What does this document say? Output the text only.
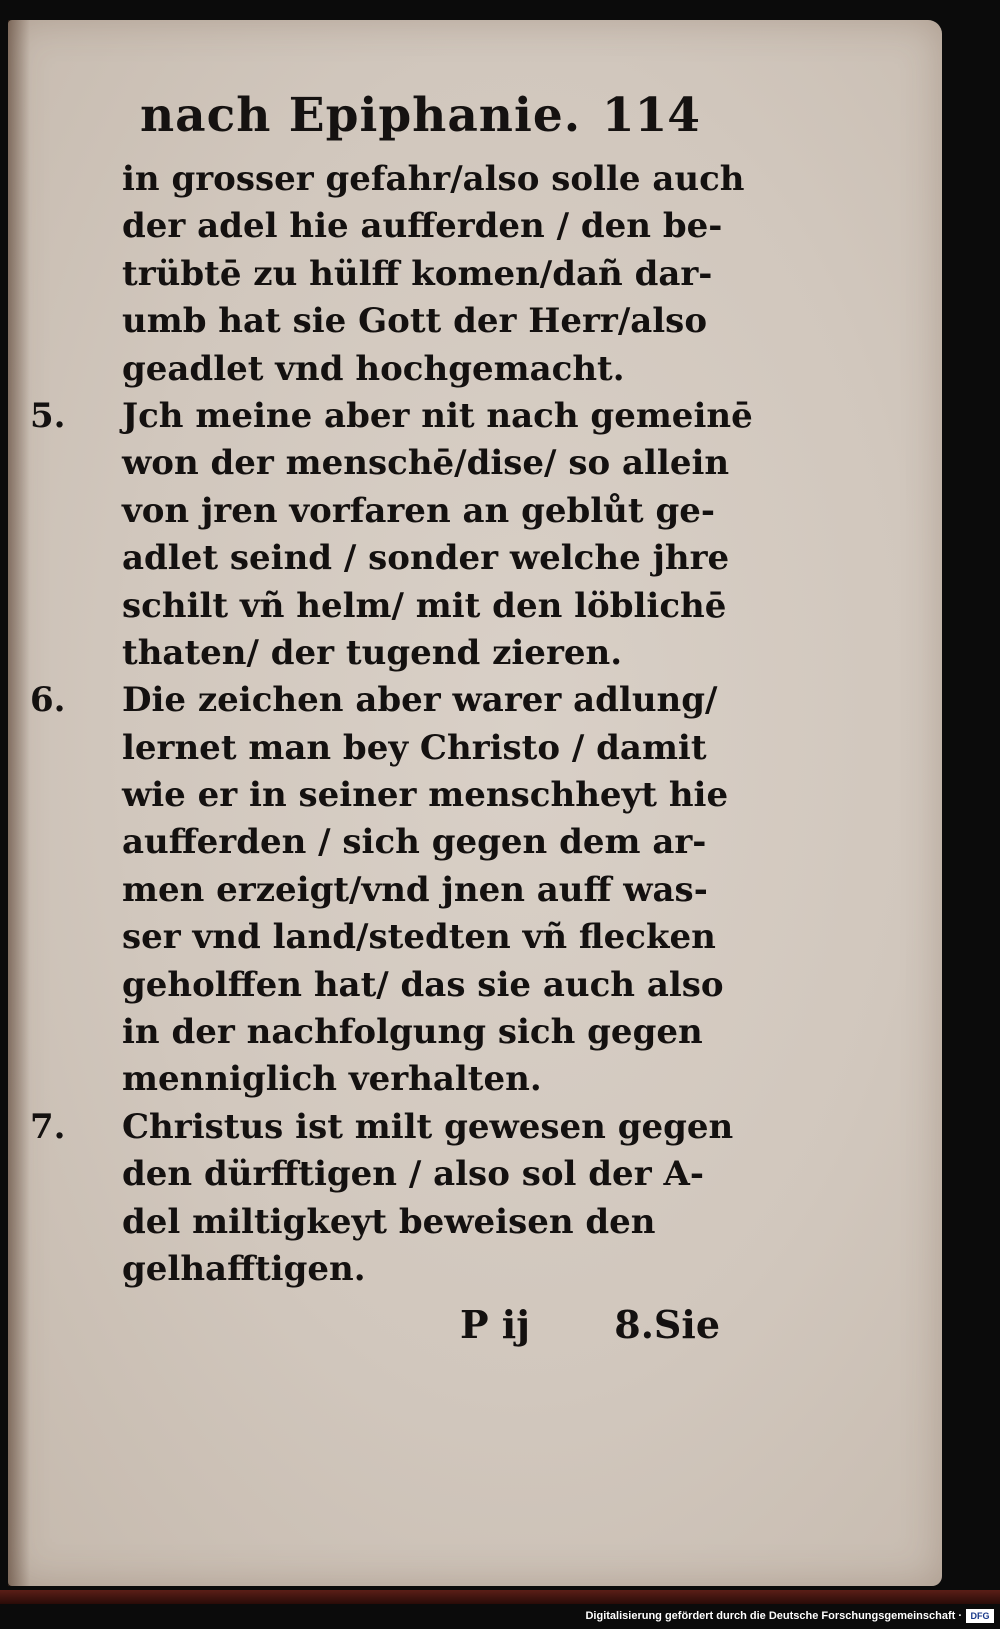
nach Epiphanie. 114
in grosser gefahr/also solle auch
der adel hie aufferden / den be-
trübtē zu hülff komen/dañ dar-
umb hat sie Gott der Herr/also
geadlet vnd hochgemacht.
5.	Jch meine aber nit nach gemeinē
won der menschē/dise/ so allein
von jren vorfaren an geblůt ge-
adlet seind / sonder welche jhre
schilt vñ helm/ mit den löblichē
thaten/ der tugend zieren.
6.	Die zeichen aber warer adlung/
lernet man bey Christo / damit
wie er in seiner menschheyt hie
aufferden / sich gegen dem ar-
men erzeigt/vnd jnen auff was-
ser vnd land/stedten vñ flecken
geholffen hat/ das sie auch also
in der nachfolgung sich gegen
menniglich verhalten.
7.	Christus ist milt gewesen gegen
den dürfftigen / also sol der A-
del miltigkeyt beweisen den
gelhafftigen.
P ij 8.Sie
Digitalisierung gefördert durch die Deutsche Forschungsgemeinschaft · DFG
